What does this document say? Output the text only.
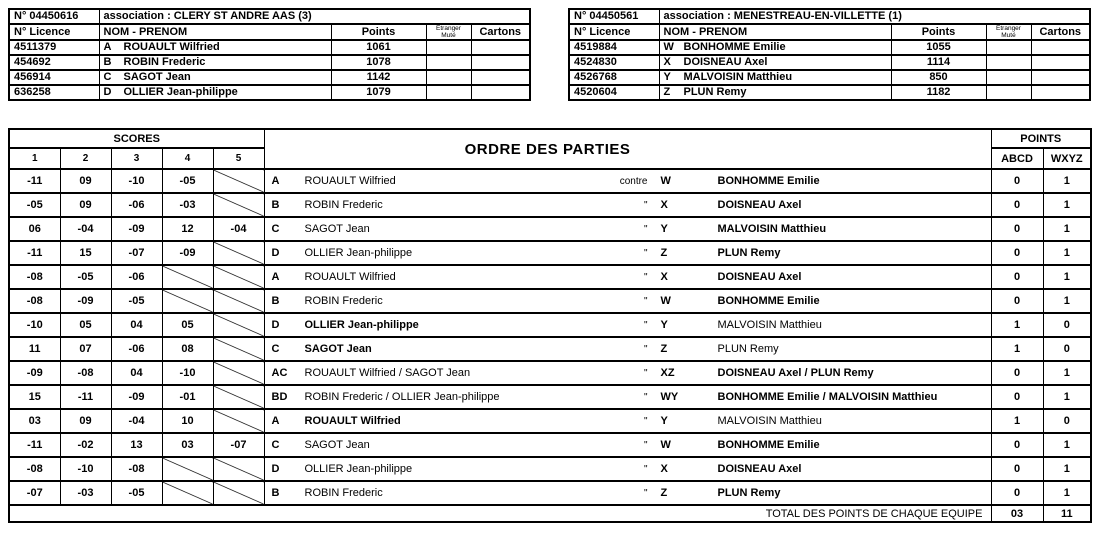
N° 04450616	association : CLERY ST ANDRE AAS (3)			
N° Licence	NOM - PRENOM	Points	Etranger
Muté	Cartons
4511379	A ROUAULT Wilfried	1061		
454692	B ROBIN Frederic	1078		
456914	C SAGOT Jean	1142		
636258	D OLLIER Jean-philippe	1079		
N° 04450561	association : MENESTREAU-EN-VILLETTE (1)			
N° Licence	NOM - PRENOM	Points	Etranger
Muté	Cartons
4519884	W BONHOMME Emilie	1055		
4524830	X DOISNEAU Axel	1114		
4526768	Y MALVOISIN Matthieu	850		
4520604	Z PLUN Remy	1182		
SCORES					ORDRE DES PARTIES	POINTS	
1	2	3	4	5		ABCD	WXYZ
-11	09	-10	-05		A ROUAULT Wilfried contre W BONHOMME Emilie	0	1
-05	09	-06	-03		B ROBIN Frederic " X DOISNEAU Axel	0	1
06	-04	-09	12	-04	C SAGOT Jean " Y MALVOISIN Matthieu	0	1
-11	15	-07	-09		D OLLIER Jean-philippe " Z PLUN Remy	0	1
-08	-05	-06			A ROUAULT Wilfried " X DOISNEAU Axel	0	1
-08	-09	-05			B ROBIN Frederic " W BONHOMME Emilie	0	1
-10	05	04	05		D OLLIER Jean-philippe " Y MALVOISIN Matthieu	1	0
11	07	-06	08		C SAGOT Jean " Z PLUN Remy	1	0
-09	-08	04	-10		AC ROUAULT Wilfried / SAGOT Jean " XZ DOISNEAU Axel / PLUN Remy	0	1
15	-11	-09	-01		BD ROBIN Frederic / OLLIER Jean-philippe " WY BONHOMME Emilie / MALVOISIN Matthieu	0	1
03	09	-04	10		A ROUAULT Wilfried " Y MALVOISIN Matthieu	1	0
-11	-02	13	03	-07	C SAGOT Jean " W BONHOMME Emilie	0	1
-08	-10	-08			D OLLIER Jean-philippe " X DOISNEAU Axel	0	1
-07	-03	-05			B ROBIN Frederic " Z PLUN Remy	0	1
TOTAL DES POINTS DE CHAQUE EQUIPE						03	11
